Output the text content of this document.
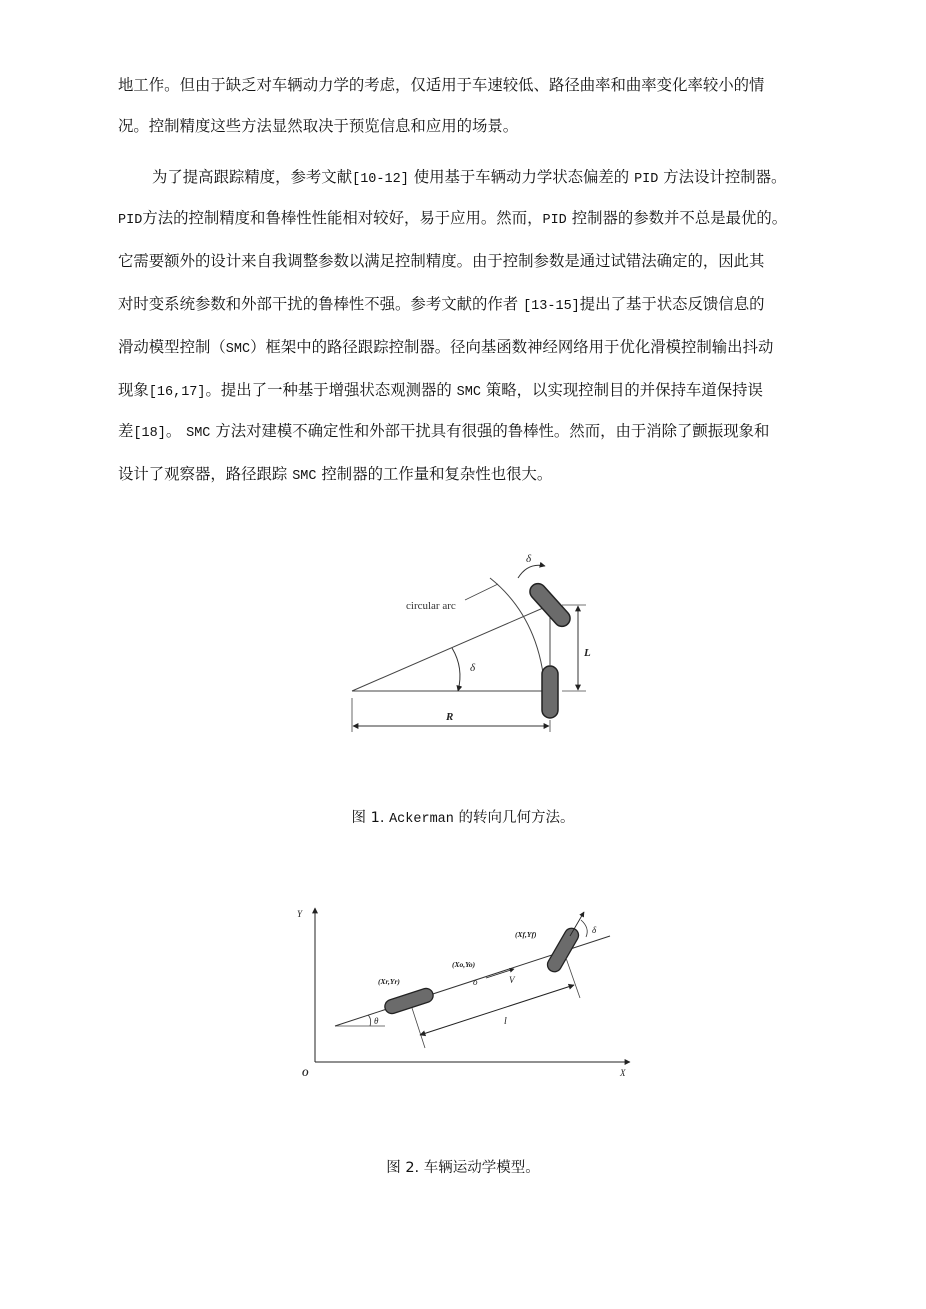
地工作。但由于缺乏对车辆动力学的考虑，仅适用于车速较低、路径曲率和曲率变化率较小的情
况。控制精度这些方法显然取决于预览信息和应用的场景。
为了提高跟踪精度，参考文献[10-12] 使用基于车辆动力学状态偏差的 PID 方法设计控制器。
PID方法的控制精度和鲁棒性性能相对较好，易于应用。然而，PID 控制器的参数并不总是最优的。
它需要额外的设计来自我调整参数以满足控制精度。由于控制参数是通过试错法确定的，因此其
对时变系统参数和外部干扰的鲁棒性不强。参考文献的作者 [13-15]提出了基于状态反馈信息的
滑动模型控制（SMC）框架中的路径跟踪控制器。径向基函数神经网络用于优化滑模控制输出抖动
现象[16,17]。提出了一种基于增强状态观测器的 SMC 策略，以实现控制目的并保持车道保持误
差[18]。 SMC 方法对建模不确定性和外部干扰具有很强的鲁棒性。然而，由于消除了颤振现象和
设计了观察器，路径跟踪 SMC 控制器的工作量和复杂性也很大。
circular arc
δ
δ
L
R
图 1. Ackerman 的转向几何方法。
Y
X
O
θ
(Xr,Yr)
(Xo,Yo)
o	V
δ
(Xf,Yf)
l
图 2. 车辆运动学模型。
